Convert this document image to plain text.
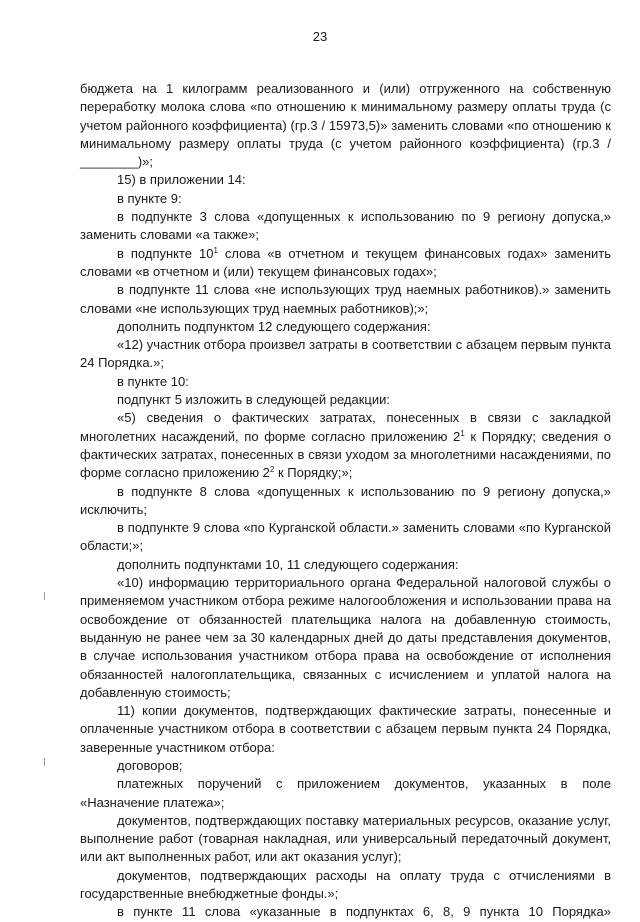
23

бюджета на 1 килограмм реализованного и (или) отгруженного на собственную переработку молока слова «по отношению к минимальному размеру оплаты труда (с учетом районного коэффициента) (гр.3 / 15973,5)» заменить словами «по отношению к минимальному размеру оплаты труда (с учетом районного коэффициента) (гр.3 / ________)»;

15) в приложении 14:

в пункте 9:

в подпункте 3 слова «допущенных к использованию по 9 региону допуска,» заменить словами «а также»;

в подпункте $10^1$ слова «в отчетном и текущем финансовых годах» заменить словами «в отчетном и (или) текущем финансовых годах»;

в подпункте 11 слова «не использующих труд наемных работников).» заменить словами «не использующих труд наемных работников);»;

дополнить подпунктом 12 следующего содержания:

«12) участник отбора произвел затраты в соответствии с абзацем первым пункта 24 Порядка.»;

в пункте 10:

подпункт 5 изложить в следующей редакции:

«5) сведения о фактических затратах, понесенных в связи с закладкой многолетних насаждений, по форме согласно приложению $2^1$ к Порядку; сведения о фактических затратах, понесенных в связи уходом за многолетними насаждениями, по форме согласно приложению $2^2$ к Порядку;»;

в подпункте 8 слова «допущенных к использованию по 9 региону допуска,» исключить;

в подпункте 9 слова «по Курганской области.» заменить словами «по Курганской области;»;

дополнить подпунктами 10, 11 следующего содержания:

«10) информацию территориального органа Федеральной налоговой службы о применяемом участником отбора режиме налогообложения и использовании права на освобождение от обязанностей плательщика налога на добавленную стоимость, выданную не ранее чем за 30 календарных дней до даты представления документов, в случае использования участником отбора права на освобождение от исполнения обязанностей налогоплательщика, связанных с исчислением и уплатой налога на добавленную стоимость;

11) копии документов, подтверждающих фактические затраты, понесенные и оплаченные участником отбора в соответствии с абзацем первым пункта 24 Порядка, заверенные участником отбора:

договоров;

платежных поручений с приложением документов, указанных в поле «Назначение платежа»;

документов, подтверждающих поставку материальных ресурсов, оказание услуг, выполнение работ (товарная накладная, или универсальный передаточный документ, или акт выполненных работ, или акт оказания услуг);

документов, подтверждающих расходы на оплату труда с отчислениями в государственные внебюджетные фонды.»;

в пункте 11 слова «указанные в подпунктах 6, 8, 9 пункта 10 Порядка»
